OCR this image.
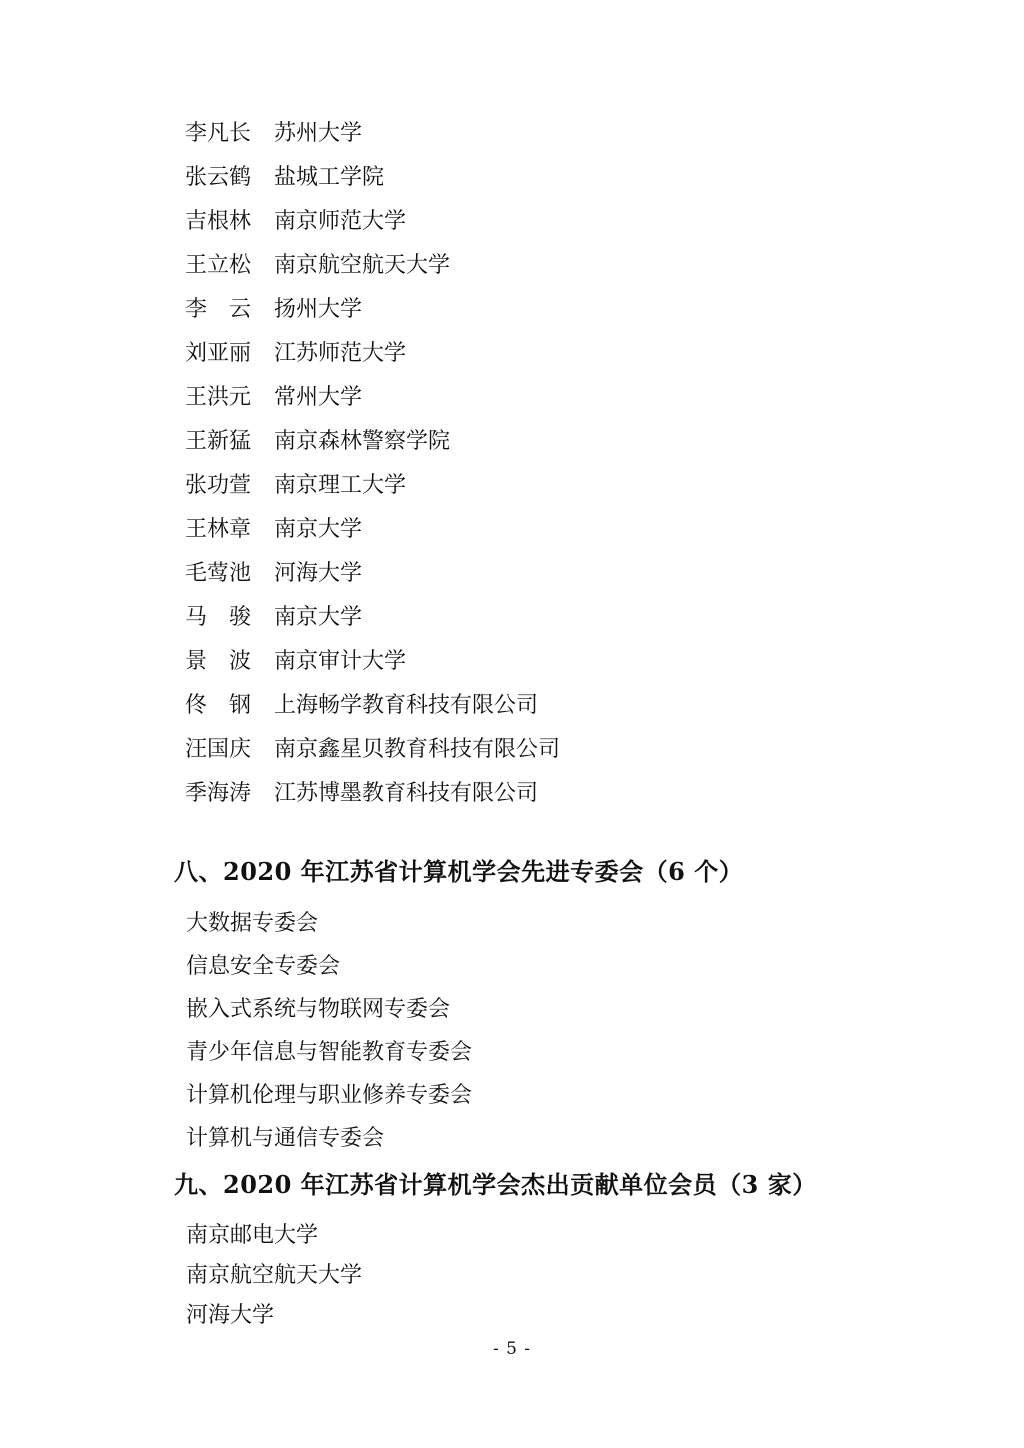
李凡长 苏州大学
张云鹤 盐城工学院
吉根林 南京师范大学
王立松 南京航空航天大学
李　云 扬州大学
刘亚丽 江苏师范大学
王洪元 常州大学
王新猛 南京森林警察学院
张功萱 南京理工大学
王林章 南京大学
毛莺池 河海大学
马　骏 南京大学
景　波 南京审计大学
佟　钢 上海畅学教育科技有限公司
汪国庆 南京鑫星贝教育科技有限公司
季海涛 江苏博墨教育科技有限公司
八、2020 年江苏省计算机学会先进专委会（6 个）
大数据专委会
信息安全专委会
嵌入式系统与物联网专委会
青少年信息与智能教育专委会
计算机伦理与职业修养专委会
计算机与通信专委会
九、2020 年江苏省计算机学会杰出贡献单位会员（3 家）
南京邮电大学
南京航空航天大学
河海大学
- 5 -
